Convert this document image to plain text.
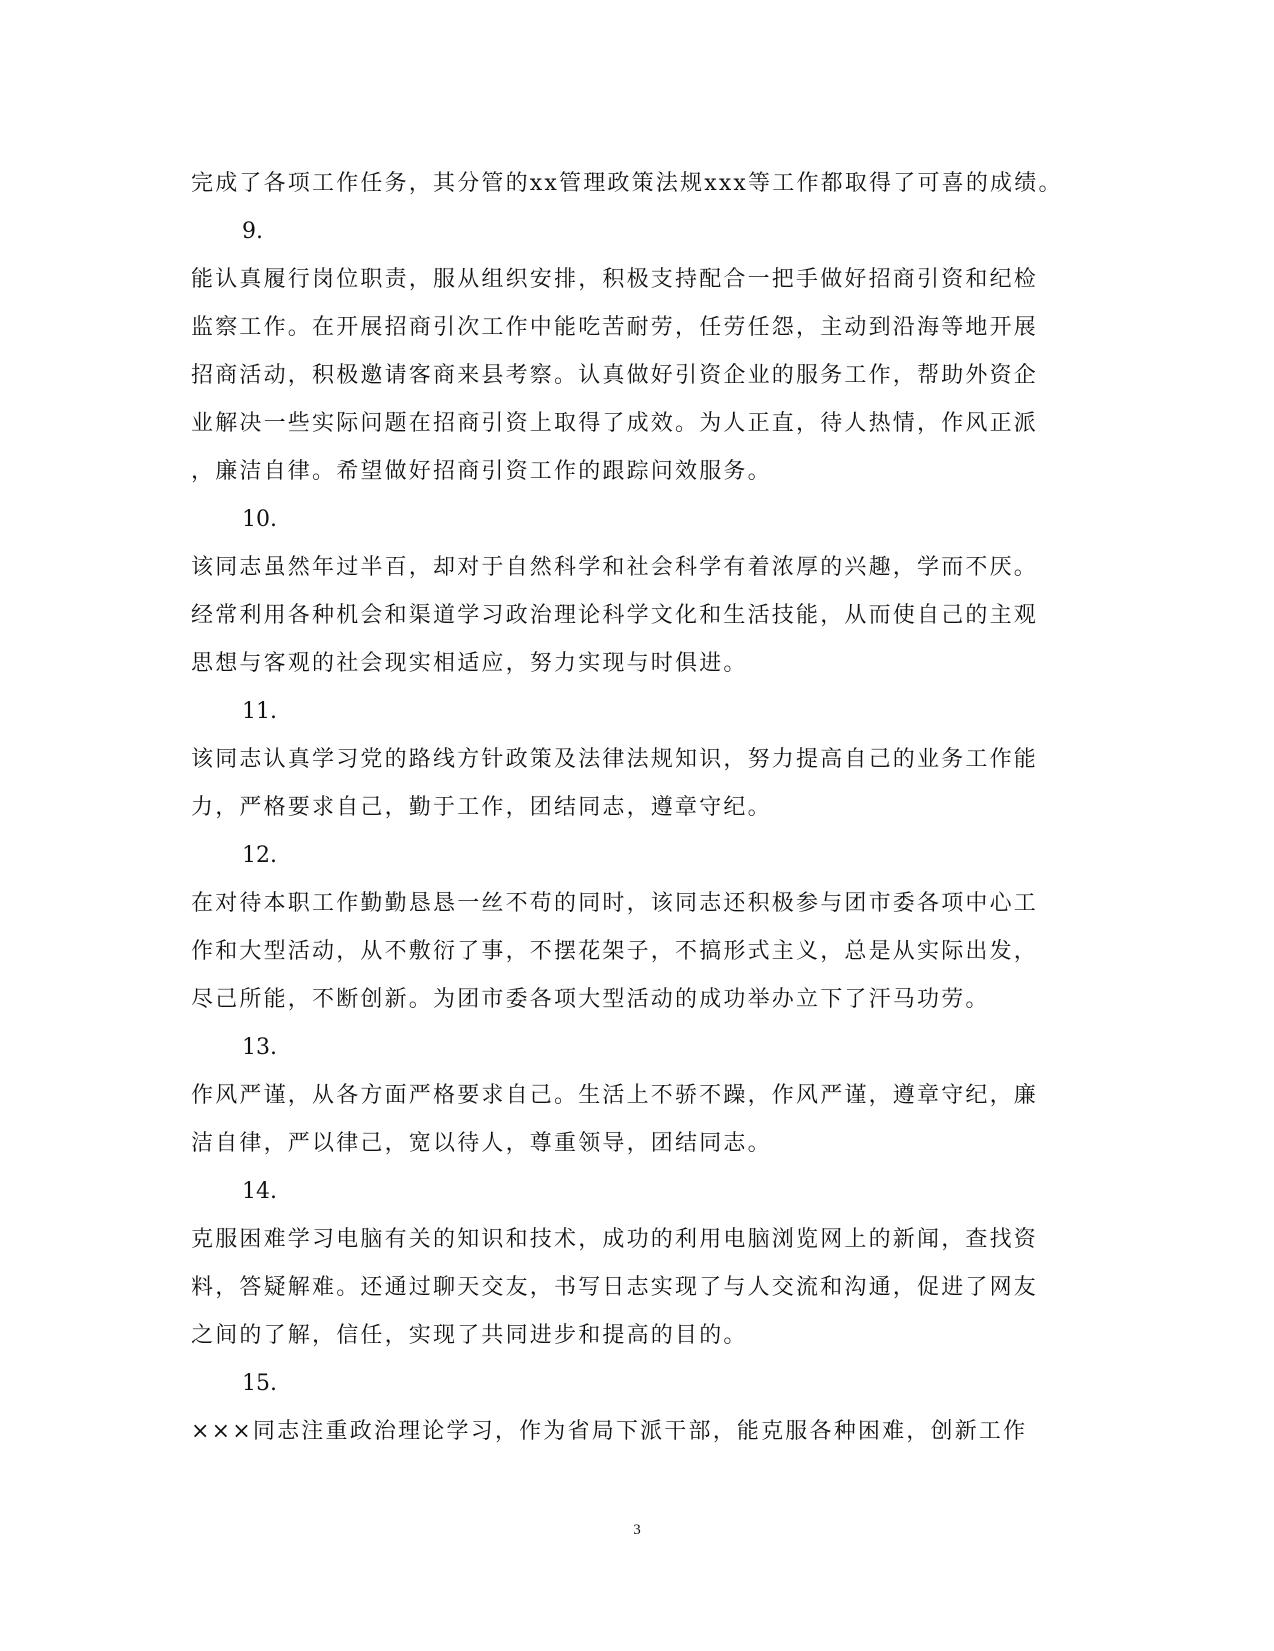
完成了各项工作任务，其分管的xx管理政策法规xxx等工作都取得了可喜的成绩。
9.
能认真履行岗位职责，服从组织安排，积极支持配合一把手做好招商引资和纪检
监察工作。在开展招商引次工作中能吃苦耐劳，任劳任怨，主动到沿海等地开展
招商活动，积极邀请客商来县考察。认真做好引资企业的服务工作，帮助外资企
业解决一些实际问题在招商引资上取得了成效。为人正直，待人热情，作风正派
，廉洁自律。希望做好招商引资工作的跟踪问效服务。
10.
该同志虽然年过半百，却对于自然科学和社会科学有着浓厚的兴趣，学而不厌。
经常利用各种机会和渠道学习政治理论科学文化和生活技能，从而使自己的主观
思想与客观的社会现实相适应，努力实现与时俱进。
11.
该同志认真学习党的路线方针政策及法律法规知识，努力提高自己的业务工作能
力，严格要求自己，勤于工作，团结同志，遵章守纪。
12.
在对待本职工作勤勤恳恳一丝不苟的同时，该同志还积极参与团市委各项中心工
作和大型活动，从不敷衍了事，不摆花架子，不搞形式主义，总是从实际出发，
尽己所能，不断创新。为团市委各项大型活动的成功举办立下了汗马功劳。
13.
作风严谨，从各方面严格要求自己。生活上不骄不躁，作风严谨，遵章守纪，廉
洁自律，严以律己，宽以待人，尊重领导，团结同志。
14.
克服困难学习电脑有关的知识和技术，成功的利用电脑浏览网上的新闻，查找资
料，答疑解难。还通过聊天交友，书写日志实现了与人交流和沟通，促进了网友
之间的了解，信任，实现了共同进步和提高的目的。
15.
×××同志注重政治理论学习，作为省局下派干部，能克服各种困难，创新工作
3
